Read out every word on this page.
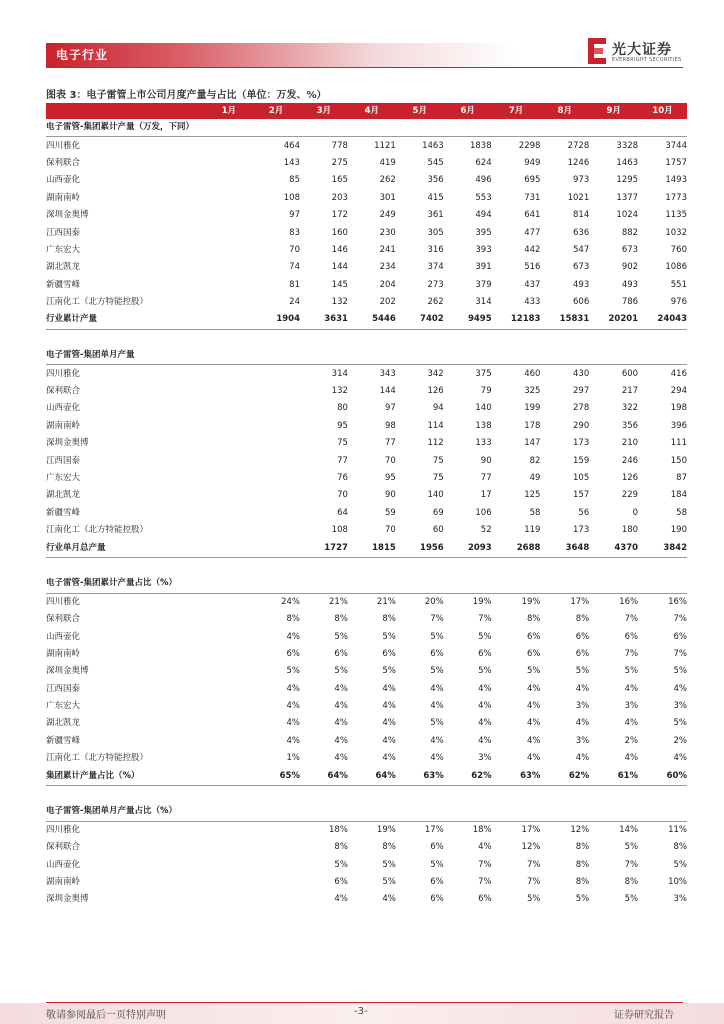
电子行业	光大证券
EVERBRIGHT SECURITIES
图表 3：电子雷管上市公司月度产量与占比（单位：万发、%）
	1月	2月	3月	4月	5月	6月	7月	8月	9月	10月
电子雷管-集团累计产量（万发，下同）										
四川雅化		464	778	1121	1463	1838	2298	2728	3328	3744
保利联合		143	275	419	545	624	949	1246	1463	1757
山西壶化		85	165	262	356	496	695	973	1295	1493
湖南南岭		108	203	301	415	553	731	1021	1377	1773
深圳金奥博		97	172	249	361	494	641	814	1024	1135
江西国泰		83	160	230	305	395	477	636	882	1032
广东宏大		70	146	241	316	393	442	547	673	760
湖北凯龙		74	144	234	374	391	516	673	902	1086
新疆雪峰		81	145	204	273	379	437	493	493	551
江南化工（北方特能控股）		24	132	202	262	314	433	606	786	976
行业累计产量		1904	3631	5446	7402	9495	12183	15831	20201	24043

电子雷管-集团单月产量										
四川雅化			314	343	342	375	460	430	600	416
保利联合			132	144	126	79	325	297	217	294
山西壶化			80	97	94	140	199	278	322	198
湖南南岭			95	98	114	138	178	290	356	396
深圳金奥博			75	77	112	133	147	173	210	111
江西国泰			77	70	75	90	82	159	246	150
广东宏大			76	95	75	77	49	105	126	87
湖北凯龙			70	90	140	17	125	157	229	184
新疆雪峰			64	59	69	106	58	56	0	58
江南化工（北方特能控股）			108	70	60	52	119	173	180	190
行业单月总产量			1727	1815	1956	2093	2688	3648	4370	3842

电子雷管-集团累计产量占比（%）										
四川雅化		24%	21%	21%	20%	19%	19%	17%	16%	16%
保利联合		8%	8%	8%	7%	7%	8%	8%	7%	7%
山西壶化		4%	5%	5%	5%	5%	6%	6%	6%	6%
湖南南岭		6%	6%	6%	6%	6%	6%	6%	7%	7%
深圳金奥博		5%	5%	5%	5%	5%	5%	5%	5%	5%
江西国泰		4%	4%	4%	4%	4%	4%	4%	4%	4%
广东宏大		4%	4%	4%	4%	4%	4%	3%	3%	3%
湖北凯龙		4%	4%	4%	5%	4%	4%	4%	4%	5%
新疆雪峰		4%	4%	4%	4%	4%	4%	3%	2%	2%
江南化工（北方特能控股）		1%	4%	4%	4%	3%	4%	4%	4%	4%
集团累计产量占比（%）		65%	64%	64%	63%	62%	63%	62%	61%	60%

电子雷管-集团单月产量占比（%）										
四川雅化			18%	19%	17%	18%	17%	12%	14%	11%
保利联合			8%	8%	6%	4%	12%	8%	5%	8%
山西壶化			5%	5%	5%	7%	7%	8%	7%	5%
湖南南岭			6%	5%	6%	7%	7%	8%	8%	10%
深圳金奥博			4%	4%	6%	6%	5%	5%	5%	3%
敬请参阅最后一页特别声明	-3-	证券研究报告
